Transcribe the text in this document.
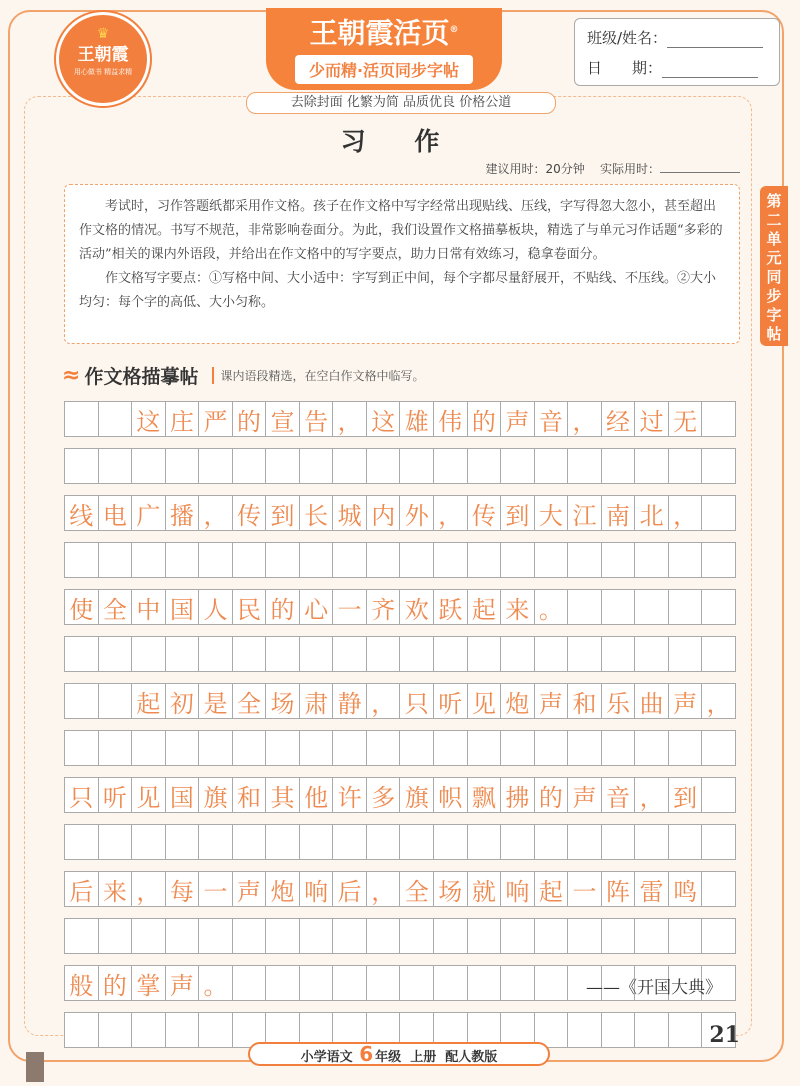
♛
王朝霞
用心做书 精益求精
王朝霞活页®
少而精·活页同步字帖
去除封面 化繁为简 品质优良 价格公道
班级/姓名：
日　　期：
第二单元同步字帖
习 作
建议用时：20分钟 实际用时：

考试时，习作答题纸都采用作文格。孩子在作文格中写字经常出现贴线、压线，字写得忽大忽小，甚至超出作文格的情况。书写不规范，非常影响卷面分。为此，我们设置作文格描摹板块，精选了与单元习作话题“多彩的活动”相关的课内外语段，并给出在作文格中的写字要点，助力日常有效练习，稳拿卷面分。

作文格写字要点：①写格中间、大小适中：字写到正中间，每个字都尽量舒展开，不贴线、不压线。②大小均匀：每个字的高低、大小匀称。

≈ 作文格描摹帖	课内语段精选，在空白作文格中临写。
这 庄 严 的 宣 告 ， 这 雄 伟 的 声 音 ， 经 过 无
线 电 广 播 ， 传 到 长 城 内 外 ， 传 到 大 江 南 北 ，
使 全 中 国 人 民 的 心 一 齐 欢 跃 起 来 。
起 初 是 全 场 肃 静 ， 只 听 见 炮 声 和 乐 曲 声 ，
只 听 见 国 旗 和 其 他 许 多 旗 帜 飘 拂 的 声 音 ， 到
后 来 ， 每 一 声 炮 响 后 ， 全 场 就 响 起 一 阵 雷 鸣
般 的 掌 声 。	——《开国大典》
小学语文 6 年级 上册 配人教版
21
